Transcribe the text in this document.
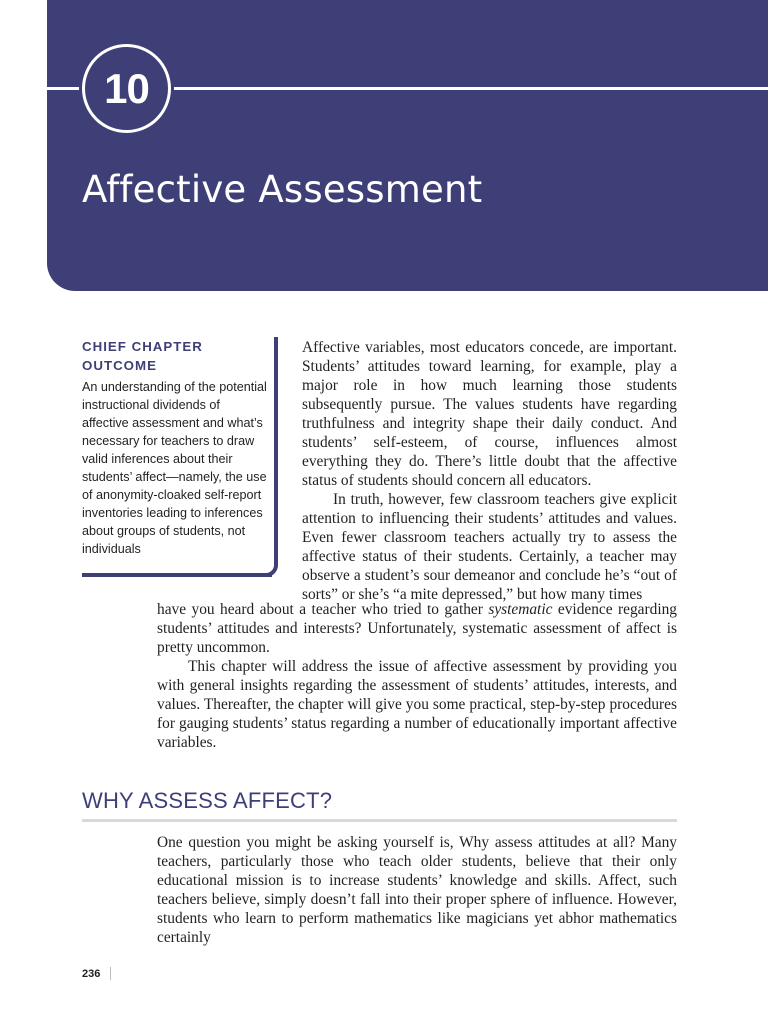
10
Affective Assessment

CHIEF CHAPTER
OUTCOME

An understanding of the potential instructional dividends of affective assessment and what’s necessary for teachers to draw valid inferences about their students’ affect—namely, the use of anonymity-cloaked self-report inventories leading to inferences about groups of students, not individuals

Affective variables, most educators concede, are important. Students’ attitudes toward learning, for example, play a major role in how much learning those students subsequently pursue. The values students have regarding truthfulness and integrity shape their daily conduct. And students’ self-esteem, of course, influences almost everything they do. There’s little doubt that the affective status of students should concern all educators.

In truth, however, few classroom teachers give explicit attention to influencing their students’ attitudes and values. Even fewer classroom teachers actually try to assess the affective status of their students. Certainly, a teacher may observe a student’s sour demeanor and conclude he’s “out of sorts” or she’s “a mite depressed,” but how many times

have you heard about a teacher who tried to gather systematic evidence regarding students’ attitudes and interests? Unfortunately, systematic assessment of affect is pretty uncommon.

This chapter will address the issue of affective assessment by providing you with general insights regarding the assessment of students’ attitudes, interests, and values. Thereafter, the chapter will give you some practical, step-by-step procedures for gauging students’ status regarding a number of educationally important affective variables.

WHY ASSESS AFFECT?

One question you might be asking yourself is, Why assess attitudes at all? Many teachers, particularly those who teach older students, believe that their only educational mission is to increase students’ knowledge and skills. Affect, such teachers believe, simply doesn’t fall into their proper sphere of influence. However, students who learn to perform mathematics like magicians yet abhor mathematics certainly

236
